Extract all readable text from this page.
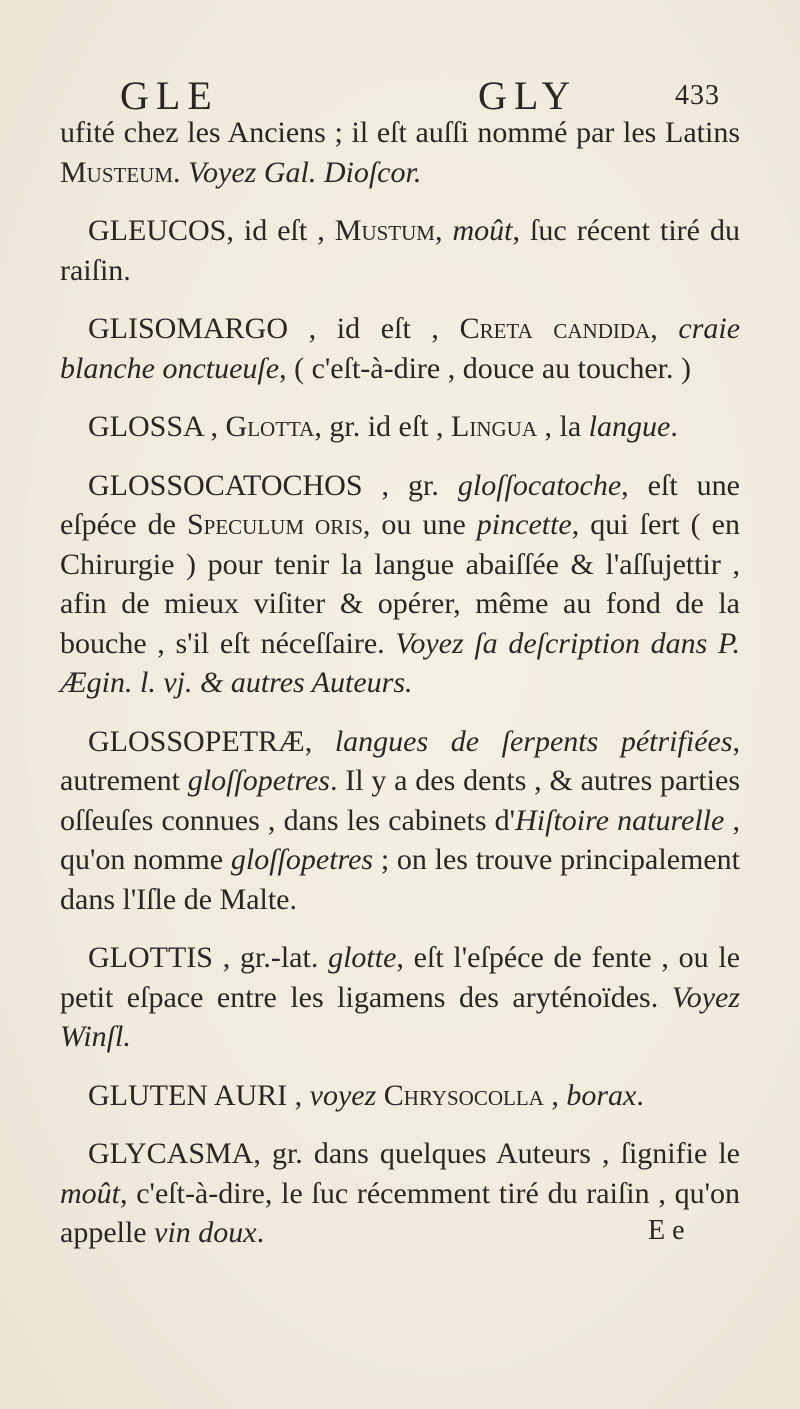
GLE	GLY	433

ufité chez les Anciens ; il eſt auſſi nommé par les Latins Musteum. Voyez Gal. Dioſcor.

GLEUCOS, id eſt , Mustum, moût, ſuc récent tiré du raiſin.

GLISOMARGO , id eſt , Creta candida, craie blanche onctueuſe, ( c'eſt-à-dire , douce au toucher. )

GLOSSA , Glotta, gr. id eſt , Lingua , la langue.

GLOSSOCATOCHOS , gr. gloſſocatoche, eſt une eſpéce de Speculum oris, ou une pincette, qui ſert ( en Chirurgie ) pour tenir la langue abaiſſée & l'aſſujettir , afin de mieux viſiter & opérer, même au fond de la bouche , s'il eſt néceſſaire. Voyez ſa deſcription dans P. Ægin. l. vj. & autres Auteurs.

GLOSSOPETRÆ, langues de ſerpents pétrifiées, autrement gloſſopetres. Il y a des dents , & autres parties oſſeuſes connues , dans les cabinets d'Hiſtoire naturelle , qu'on nomme gloſſopetres ; on les trouve principalement dans l'Iſle de Malte.

GLOTTIS , gr.-lat. glotte, eſt l'eſpéce de fente , ou le petit eſpace entre les ligamens des aryténoïdes. Voyez Winſl.

GLUTEN AURI , voyez Chrysocolla , borax.

GLYCASMA, gr. dans quelques Auteurs , ſignifie le moût, c'eſt-à-dire, le ſuc récemment tiré du raiſin , qu'on appelle vin doux.	E e
